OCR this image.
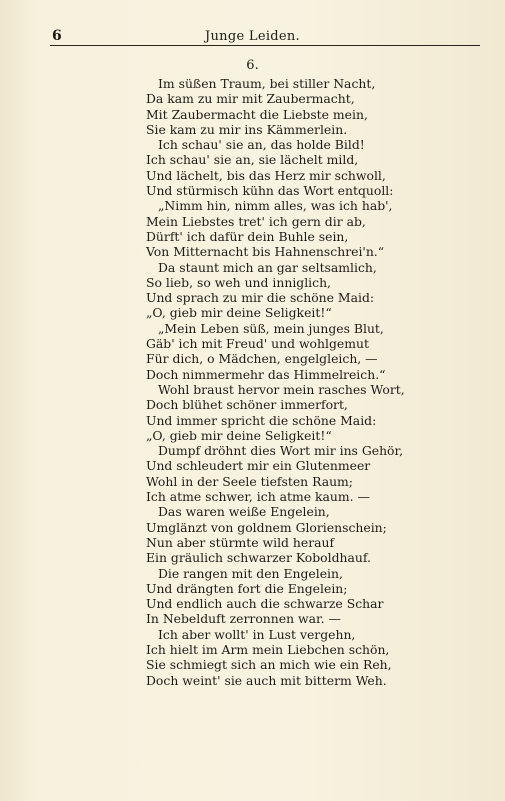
6	Junge Leiden.
6.
Im süßen Traum, bei stiller Nacht,
Da kam zu mir mit Zaubermacht,
Mit Zaubermacht die Liebste mein,
Sie kam zu mir ins Kämmerlein.
Ich schau' sie an, das holde Bild!
Ich schau' sie an, sie lächelt mild,
Und lächelt, bis das Herz mir schwoll,
Und stürmisch kühn das Wort entquoll:
„Nimm hin, nimm alles, was ich hab',
Mein Liebstes tret' ich gern dir ab,
Dürft' ich dafür dein Buhle sein,
Von Mitternacht bis Hahnenschrei'n.“
Da staunt mich an gar seltsamlich,
So lieb, so weh und inniglich,
Und sprach zu mir die schöne Maid:
„O, gieb mir deine Seligkeit!“
„Mein Leben süß, mein junges Blut,
Gäb' ich mit Freud' und wohlgemut
Für dich, o Mädchen, engelgleich, —
Doch nimmermehr das Himmelreich.“
Wohl braust hervor mein rasches Wort,
Doch blühet schöner immerfort,
Und immer spricht die schöne Maid:
„O, gieb mir deine Seligkeit!“
Dumpf dröhnt dies Wort mir ins Gehör,
Und schleudert mir ein Glutenmeer
Wohl in der Seele tiefsten Raum;
Ich atme schwer, ich atme kaum. —
Das waren weiße Engelein,
Umglänzt von goldnem Glorienschein;
Nun aber stürmte wild herauf
Ein gräulich schwarzer Koboldhauf.
Die rangen mit den Engelein,
Und drängten fort die Engelein;
Und endlich auch die schwarze Schar
In Nebelduft zerronnen war. —
Ich aber wollt' in Lust vergehn,
Ich hielt im Arm mein Liebchen schön,
Sie schmiegt sich an mich wie ein Reh,
Doch weint' sie auch mit bitterm Weh.
